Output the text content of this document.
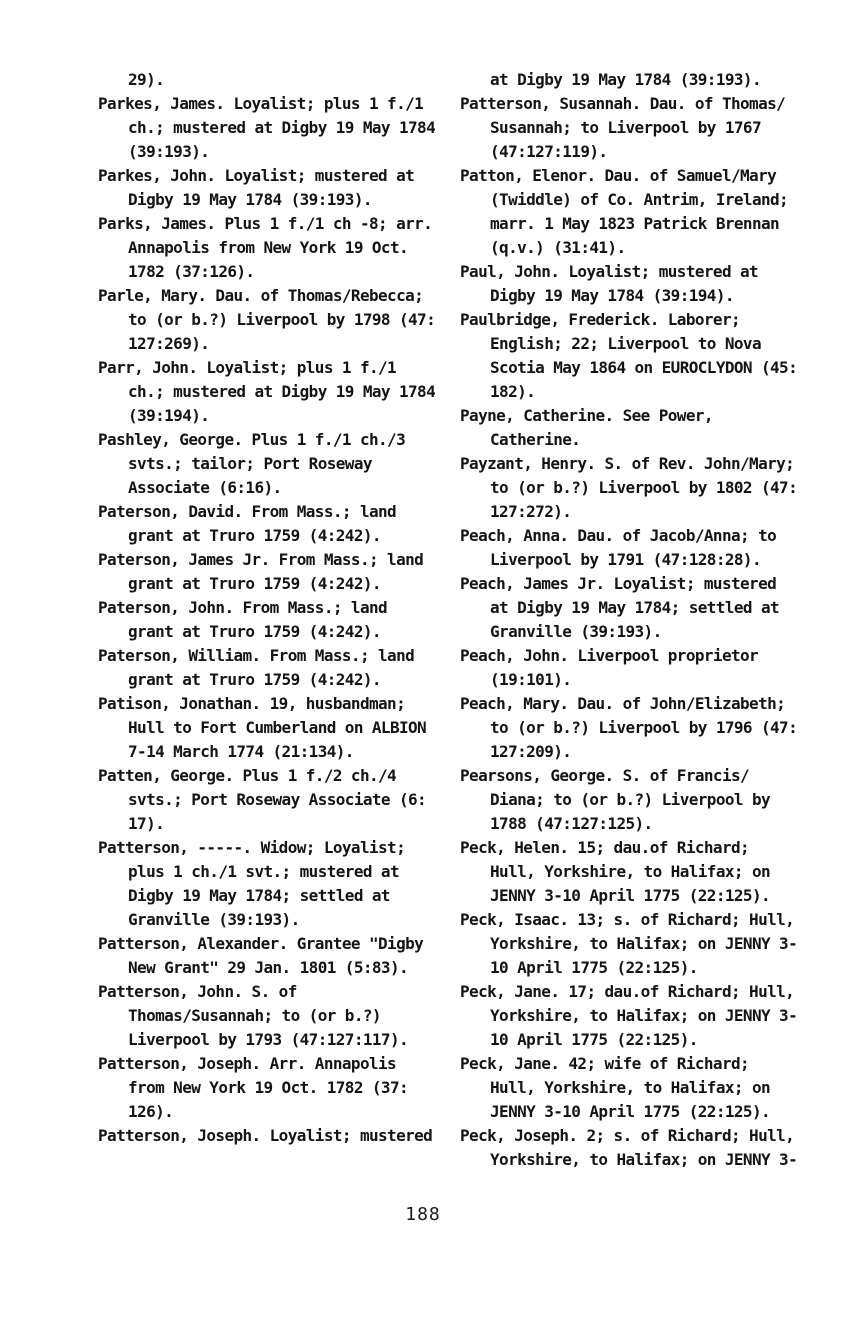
29).

Parkes, James. Loyalist; plus 1 f./1 ch.; mustered at Digby 19 May 1784 (39:193).

Parkes, John. Loyalist; mustered at Digby 19 May 1784 (39:193).

Parks, James. Plus 1 f./1 ch -8; arr. Annapolis from New York 19 Oct. 1782 (37:126).

Parle, Mary. Dau. of Thomas/Rebecca; to (or b.?) Liverpool by 1798 (47: 127:269).

Parr, John. Loyalist; plus 1 f./1 ch.; mustered at Digby 19 May 1784 (39:194).

Pashley, George. Plus 1 f./1 ch./3 svts.; tailor; Port Roseway Associate (6:16).

Paterson, David. From Mass.; land grant at Truro 1759 (4:242).

Paterson, James Jr. From Mass.; land grant at Truro 1759 (4:242).

Paterson, John. From Mass.; land grant at Truro 1759 (4:242).

Paterson, William. From Mass.; land grant at Truro 1759 (4:242).

Patison, Jonathan. 19, husbandman; Hull to Fort Cumberland on ALBION 7-14 March 1774 (21:134).

Patten, George. Plus 1 f./2 ch./4 svts.; Port Roseway Associate (6: 17).

Patterson, -----. Widow; Loyalist; plus 1 ch./1 svt.; mustered at Digby 19 May 1784; settled at Granville (39:193).

Patterson, Alexander. Grantee "Digby New Grant" 29 Jan. 1801 (5:83).

Patterson, John. S. of Thomas/Susannah; to (or b.?) Liverpool by 1793 (47:127:117).

Patterson, Joseph. Arr. Annapolis from New York 19 Oct. 1782 (37: 126).

Patterson, Joseph. Loyalist; mustered

at Digby 19 May 1784 (39:193).

Patterson, Susannah. Dau. of Thomas/ Susannah; to Liverpool by 1767 (47:127:119).

Patton, Elenor. Dau. of Samuel/Mary (Twiddle) of Co. Antrim, Ireland; marr. 1 May 1823 Patrick Brennan (q.v.) (31:41).

Paul, John. Loyalist; mustered at Digby 19 May 1784 (39:194).

Paulbridge, Frederick. Laborer; English; 22; Liverpool to Nova Scotia May 1864 on EUROCLYDON (45: 182).

Payne, Catherine. See Power, Catherine.

Payzant, Henry. S. of Rev. John/Mary; to (or b.?) Liverpool by 1802 (47: 127:272).

Peach, Anna. Dau. of Jacob/Anna; to Liverpool by 1791 (47:128:28).

Peach, James Jr. Loyalist; mustered at Digby 19 May 1784; settled at Granville (39:193).

Peach, John. Liverpool proprietor (19:101).

Peach, Mary. Dau. of John/Elizabeth; to (or b.?) Liverpool by 1796 (47: 127:209).

Pearsons, George. S. of Francis/ Diana; to (or b.?) Liverpool by 1788 (47:127:125).

Peck, Helen. 15; dau.of Richard; Hull, Yorkshire, to Halifax; on JENNY 3-10 April 1775 (22:125).

Peck, Isaac. 13; s. of Richard; Hull, Yorkshire, to Halifax; on JENNY 3-10 April 1775 (22:125).

Peck, Jane. 17; dau.of Richard; Hull, Yorkshire, to Halifax; on JENNY 3-10 April 1775 (22:125).

Peck, Jane. 42; wife of Richard; Hull, Yorkshire, to Halifax; on JENNY 3-10 April 1775 (22:125).

Peck, Joseph. 2; s. of Richard; Hull, Yorkshire, to Halifax; on JENNY 3-

188
